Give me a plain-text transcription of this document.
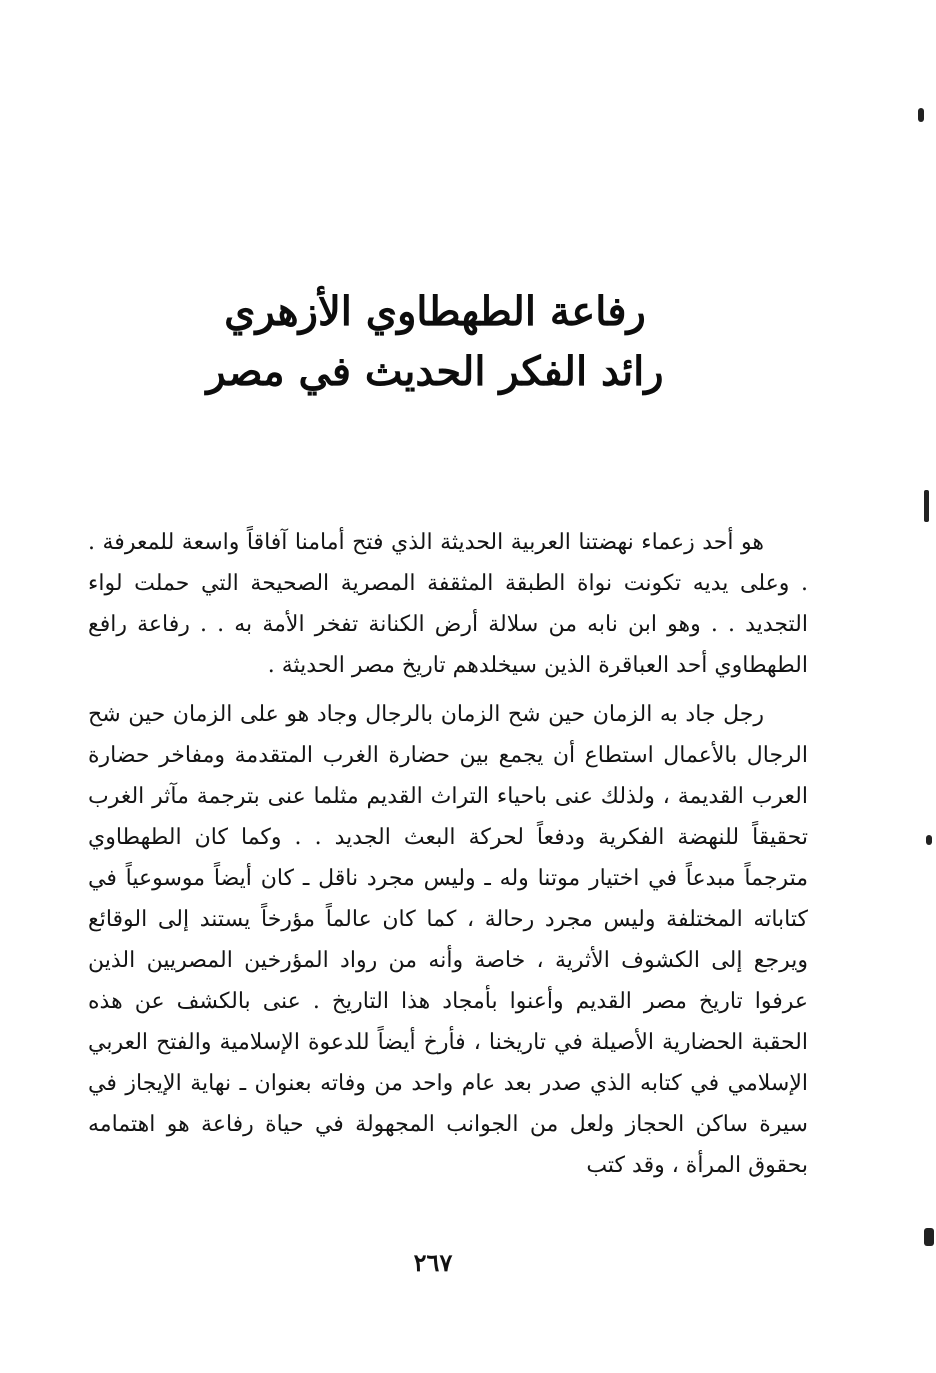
رفاعة الطهطاوي الأزهري
رائد الفكر الحديث في مصر

هو أحد زعماء نهضتنا العربية الحديثة الذي فتح أمامنا آفاقاً واسعة للمعرفة . . وعلى يديه تكونت نواة الطبقة المثقفة المصرية الصحيحة التي حملت لواء التجديد . . وهو ابن نابه من سلالة أرض الكنانة تفخر الأمة به . . رفاعة رافع الطهطاوي أحد العباقرة الذين سيخلدهم تاريخ مصر الحديثة .

رجل جاد به الزمان حين شح الزمان بالرجال وجاد هو على الزمان حين شح الرجال بالأعمال استطاع أن يجمع بين حضارة الغرب المتقدمة ومفاخر حضارة العرب القديمة ، ولذلك عنى باحياء التراث القديم مثلما عنى بترجمة مآثر الغرب تحقيقاً للنهضة الفكرية ودفعاً لحركة البعث الجديد . . وكما كان الطهطاوي مترجماً مبدعاً في اختيار موتنا وله ـ وليس مجرد ناقل ـ كان أيضاً موسوعياً في كتاباته المختلفة وليس مجرد رحالة ، كما كان عالماً مؤرخاً يستند إلى الوقائع ويرجع إلى الكشوف الأثرية ، خاصة وأنه من رواد المؤرخين المصريين الذين عرفوا تاريخ مصر القديم وأعنوا بأمجاد هذا التاريخ . عنى بالكشف عن هذه الحقبة الحضارية الأصيلة في تاريخنا ، فأرخ أيضاً للدعوة الإسلامية والفتح العربي الإسلامي في كتابه الذي صدر بعد عام واحد من وفاته بعنوان ـ نهاية الإيجاز في سيرة ساكن الحجاز ولعل من الجوانب المجهولة في حياة رفاعة هو اهتمامه بحقوق المرأة ، وقد كتب

٢٦٧
